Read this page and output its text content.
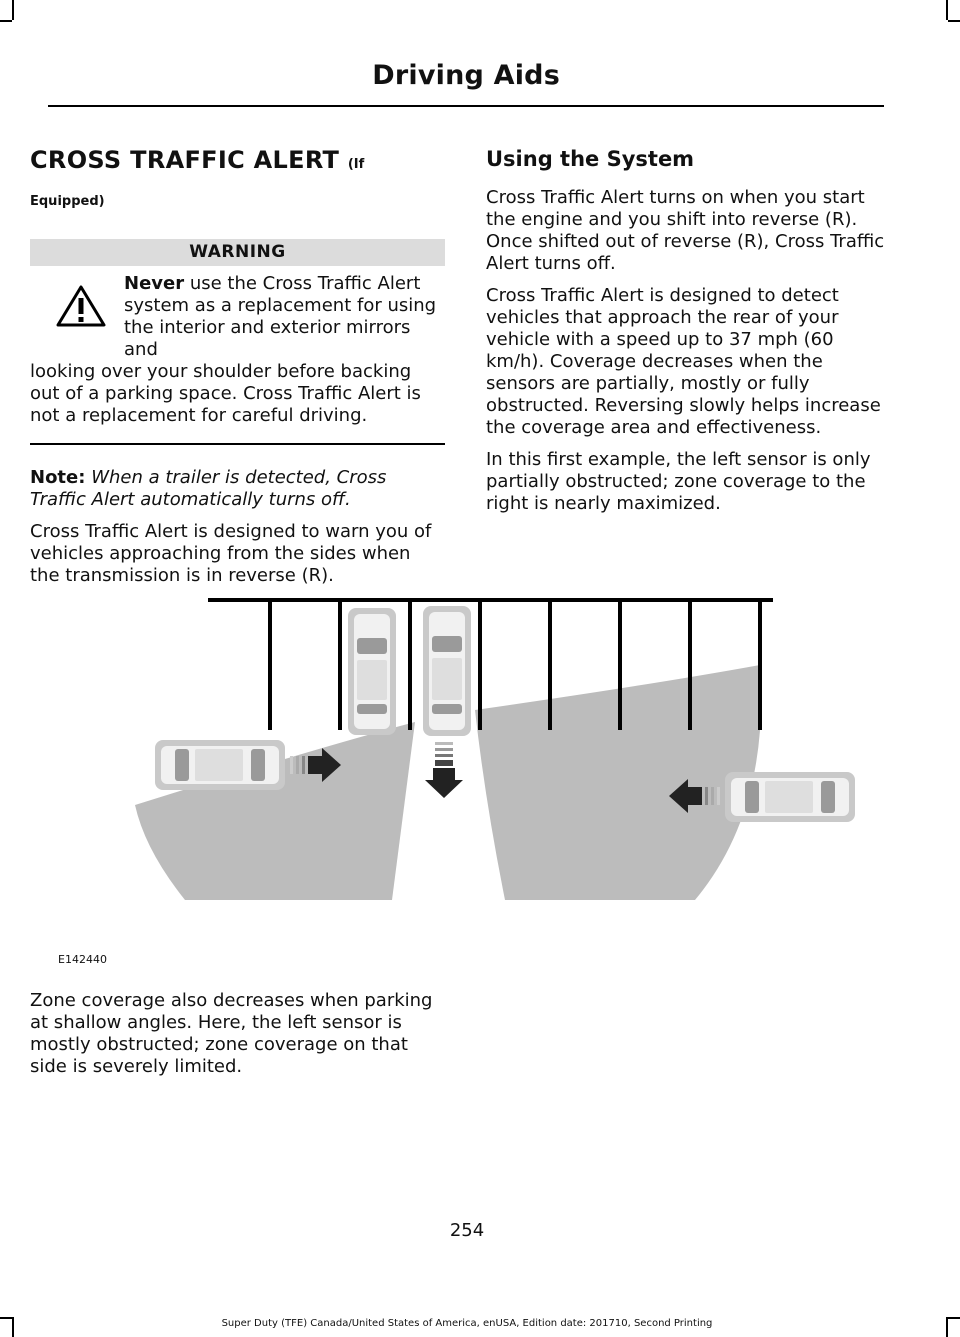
Driving Aids
CROSS TRAFFIC ALERT (If
Equipped)
WARNING
Never use the Cross Traffic Alert
system as a replacement for using
the interior and exterior mirrors and
looking over your shoulder before backing out of a parking space. Cross Traffic Alert is not a replacement for careful driving.

Note: When a trailer is detected, Cross Traffic Alert automatically turns off.

Cross Traffic Alert is designed to warn you of vehicles approaching from the sides when the transmission is in reverse (R).

Using the System

Cross Traffic Alert turns on when you start the engine and you shift into reverse (R). Once shifted out of reverse (R), Cross Traffic Alert turns off.

Cross Traffic Alert is designed to detect vehicles that approach the rear of your vehicle with a speed up to 37 mph (60 km/h). Coverage decreases when the sensors are partially, mostly or fully obstructed. Reversing slowly helps increase the coverage area and effectiveness.

In this first example, the left sensor is only partially obstructed; zone coverage to the right is nearly maximized.

E142440

Zone coverage also decreases when parking at shallow angles. Here, the left sensor is mostly obstructed; zone coverage on that side is severely limited.

254
Super Duty (TFE) Canada/United States of America, enUSA, Edition date: 201710, Second Printing
